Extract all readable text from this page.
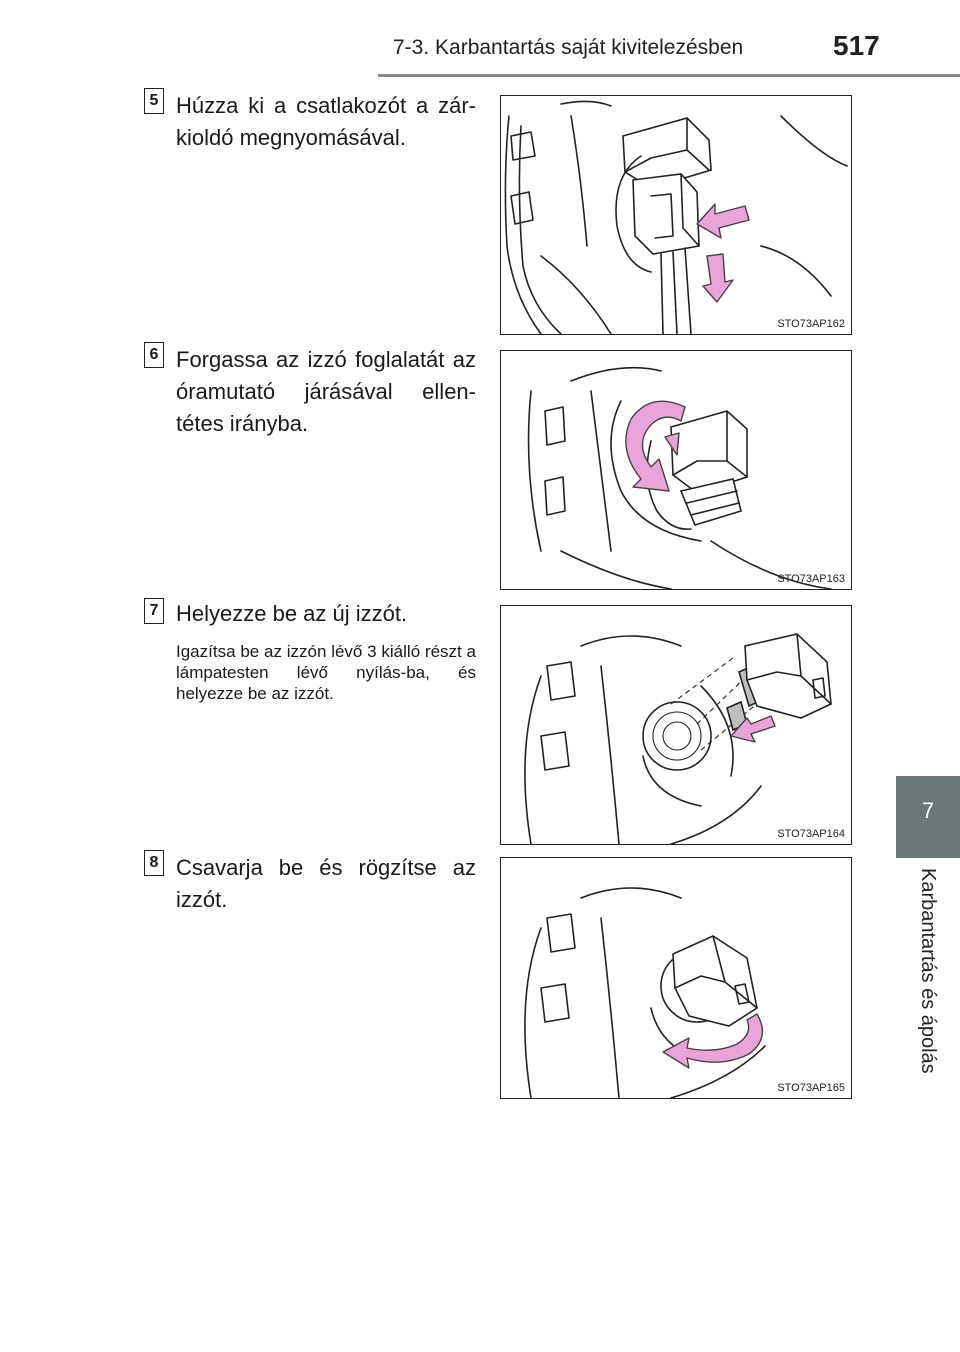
7-3. Karbantartás saját kivitelezésben	517
7
Karbantartás és ápolás
5 Húzza ki a csatlakozót a zár-kioldó megnyomásával.
STO73AP162
6 Forgassa az izzó foglalatát az óramutató járásával ellen-tétes irányba.
STO73AP163
7 Helyezze be az új izzót.
Igazítsa be az izzón lévő 3 kiálló részt a lámpatesten lévő nyílás-ba, és helyezze be az izzót.
STO73AP164
8 Csavarja be és rögzítse az izzót.
STO73AP165
